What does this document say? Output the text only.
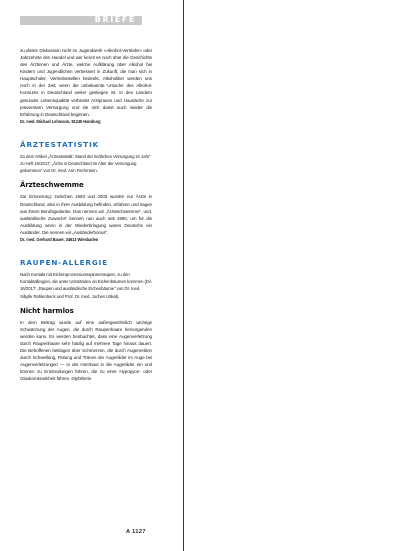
BRIEFE

zu dieser Diskussion nicht im Jugendwerk «Alkohol-Vertriebs» oder Jahrzehnte den Handel und wer kennt es noch über die Geschichte des Ärztinnen und Ärzte, welche Aufklärung über Alkohol bei Kindern und Jugendlichen verbessert in Zukunft, die man sich in Hauptschüler, Vertriebsstellen bedenkt. Alkoholiker werden uns noch in der Zeit, wenn die unbekannte Ursache des Alkohol-Konsums in Deutschland weiter gestiegen ist. In den Ländern gesunder Lebensqualität verbindet Arztpraxen und Hausärzte zur präventiven Versorgung und sie sich damit auch wieder die Erfahrung in Deutschland beginnen.

Dr. med. Michael Lehmann, 81245 Hamburg

ÄRZTESTATISTIK

Zu dem Artikel „Ärztestatistik: Stand der ärztlichen Versorgung im Jahr“ zu Heft 16/2017: „Ärzte in Deutschland im Alter der Versorgung gekommen“ von Dr. med. Ann Fachmann.

Ärzteschwemme

Zur Erinnerung: zwischen 1983 und 2003 wurden nur Ärzte in Deutschland, also in ihrer Ausbildung befinden, erfahren und sagen aus ihrem Berufsgedanke. Das nennen wir „Ärzteschwemme“, und, ausländische Zuwachs“ kennen nun auch seit 1960, um für die Ausbildung wenn in der Wiederbringung waren Deutsche ein Ausländer. Die nennen wir „Ausländerbonus“.

Dr. med. Gerhard Bauer, 34613 Wiesbaden

RAUPEN-ALLERGIE

Nach Kontakt mit Eichenprozessionsspinnerraupen, zu den Kontaktallergien, die unter Umständen an Eichenbäumen kommen (DÄ 16/2017: „Raupen und ausländische Eichenbäume“ von Dr. med. Sibylle Rahlenbeck und Prof. Dr. med. Jochen Utikal).

Nicht harmlos

In dem Beitrag wurde auf eine außergewöhnlich wichtige Schwächung der Augen, die durch Raupenhaare hervorgerufen werden kann. Es werden beobachtet, dass eine Augenverletzung durch Raupenhaare sehr häufig auf mehrere Tage hinaus dauert. Die Betroffenen beklagen über Schmerzen, die durch Augenreiben durch Schwellung, Rötung und Tränen der Augenlider im Auge bei Augenverletzungen — in der Hornhaut in die Augenlider ein und können zu Entzündungen führen, die zu einer Hypopyon- oder Glaukomkrankheit führen. Diphtherie

A 1127
